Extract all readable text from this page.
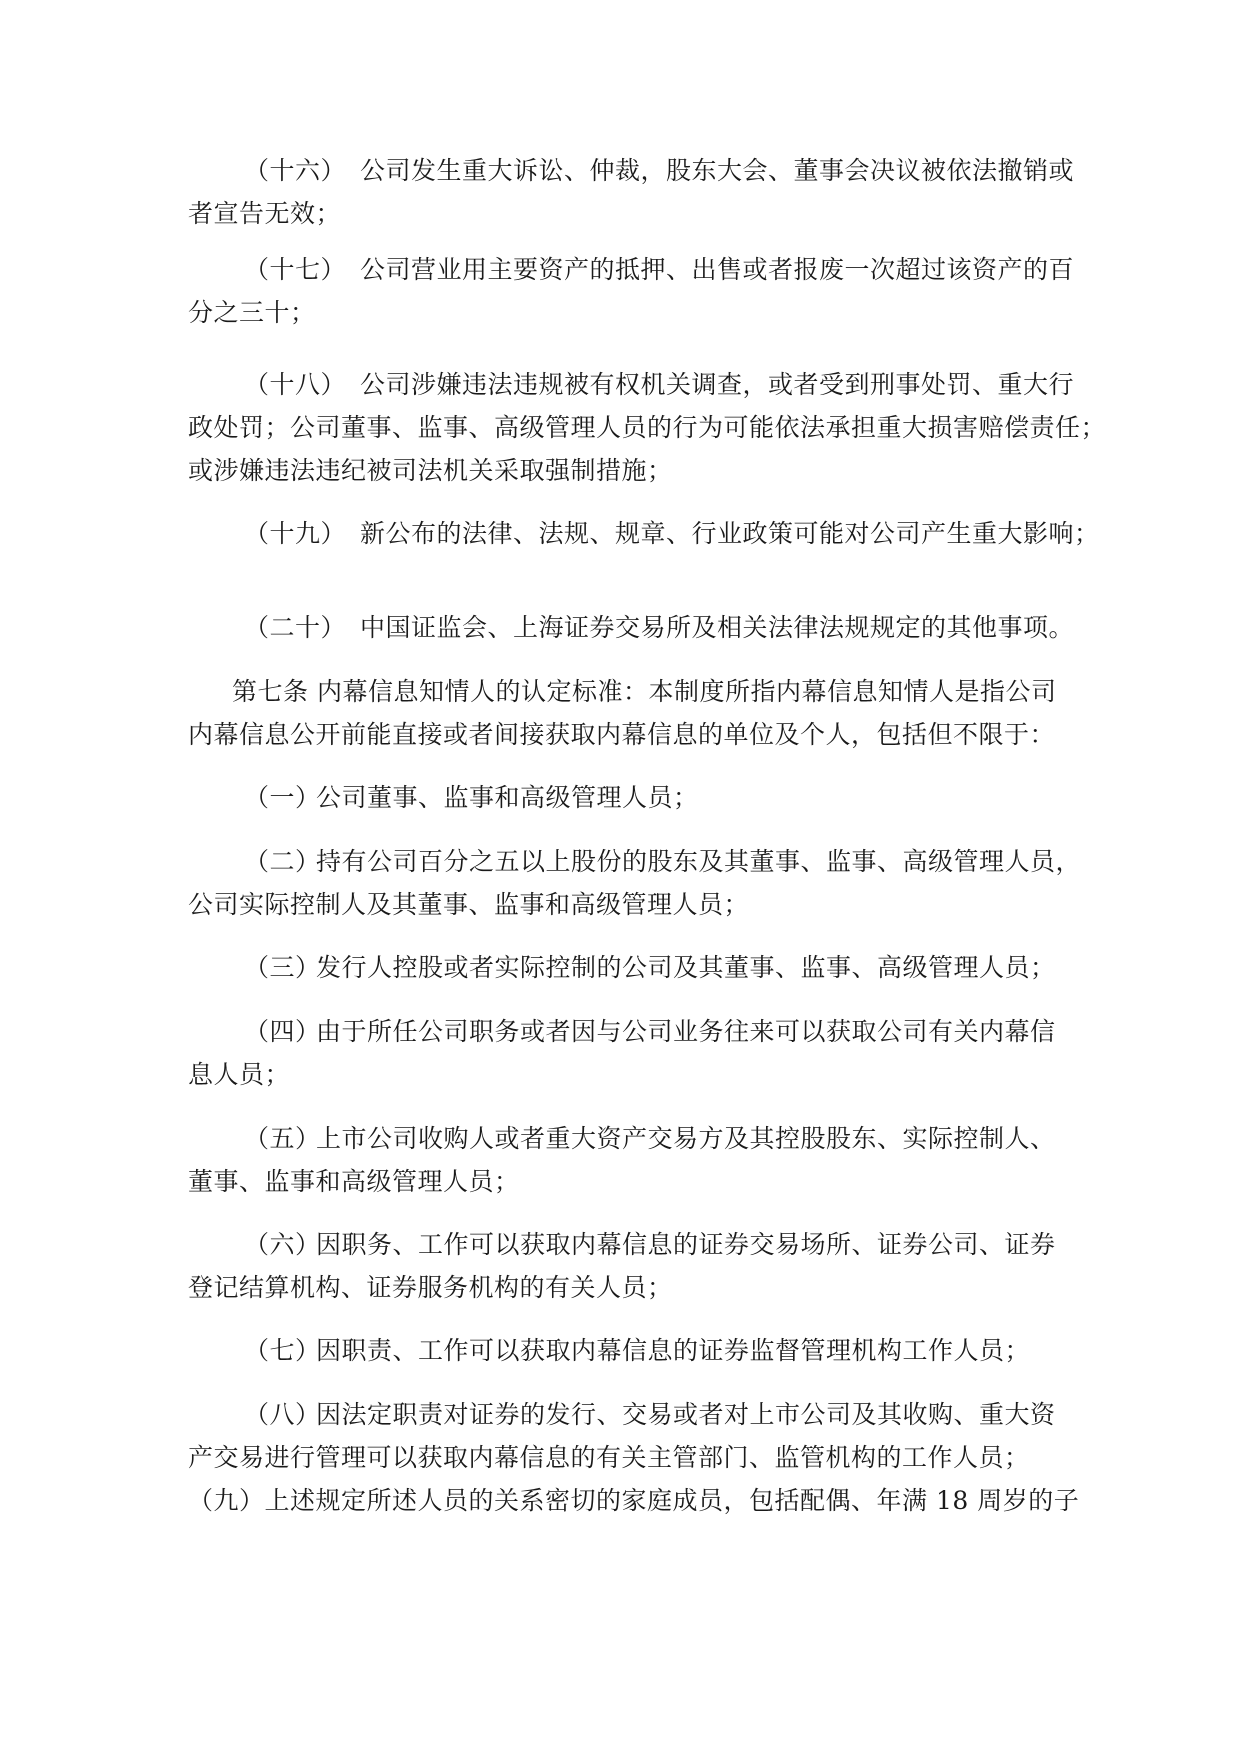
（十六） 公司发生重大诉讼、仲裁，股东大会、董事会决议被依法撤销或
者宣告无效；
（十七） 公司营业用主要资产的抵押、出售或者报废一次超过该资产的百
分之三十；
（十八） 公司涉嫌违法违规被有权机关调查，或者受到刑事处罚、重大行
政处罚；公司董事、监事、高级管理人员的行为可能依法承担重大损害赔偿责任；
或涉嫌违法违纪被司法机关采取强制措施；
（十九） 新公布的法律、法规、规章、行业政策可能对公司产生重大影响；
（二十） 中国证监会、上海证券交易所及相关法律法规规定的其他事项。
第七条 内幕信息知情人的认定标准：本制度所指内幕信息知情人是指公司
内幕信息公开前能直接或者间接获取内幕信息的单位及个人，包括但不限于：
（一）公司董事、监事和高级管理人员；
（二）持有公司百分之五以上股份的股东及其董事、监事、高级管理人员，
公司实际控制人及其董事、监事和高级管理人员；
（三）发行人控股或者实际控制的公司及其董事、监事、高级管理人员；
（四）由于所任公司职务或者因与公司业务往来可以获取公司有关内幕信
息人员；
（五）上市公司收购人或者重大资产交易方及其控股股东、实际控制人、
董事、监事和高级管理人员；
（六）因职务、工作可以获取内幕信息的证券交易场所、证券公司、证券
登记结算机构、证券服务机构的有关人员；
（七）因职责、工作可以获取内幕信息的证券监督管理机构工作人员；
（八）因法定职责对证券的发行、交易或者对上市公司及其收购、重大资
产交易进行管理可以获取内幕信息的有关主管部门、监管机构的工作人员；
（九）上述规定所述人员的关系密切的家庭成员，包括配偶、年满 18 周岁的子
